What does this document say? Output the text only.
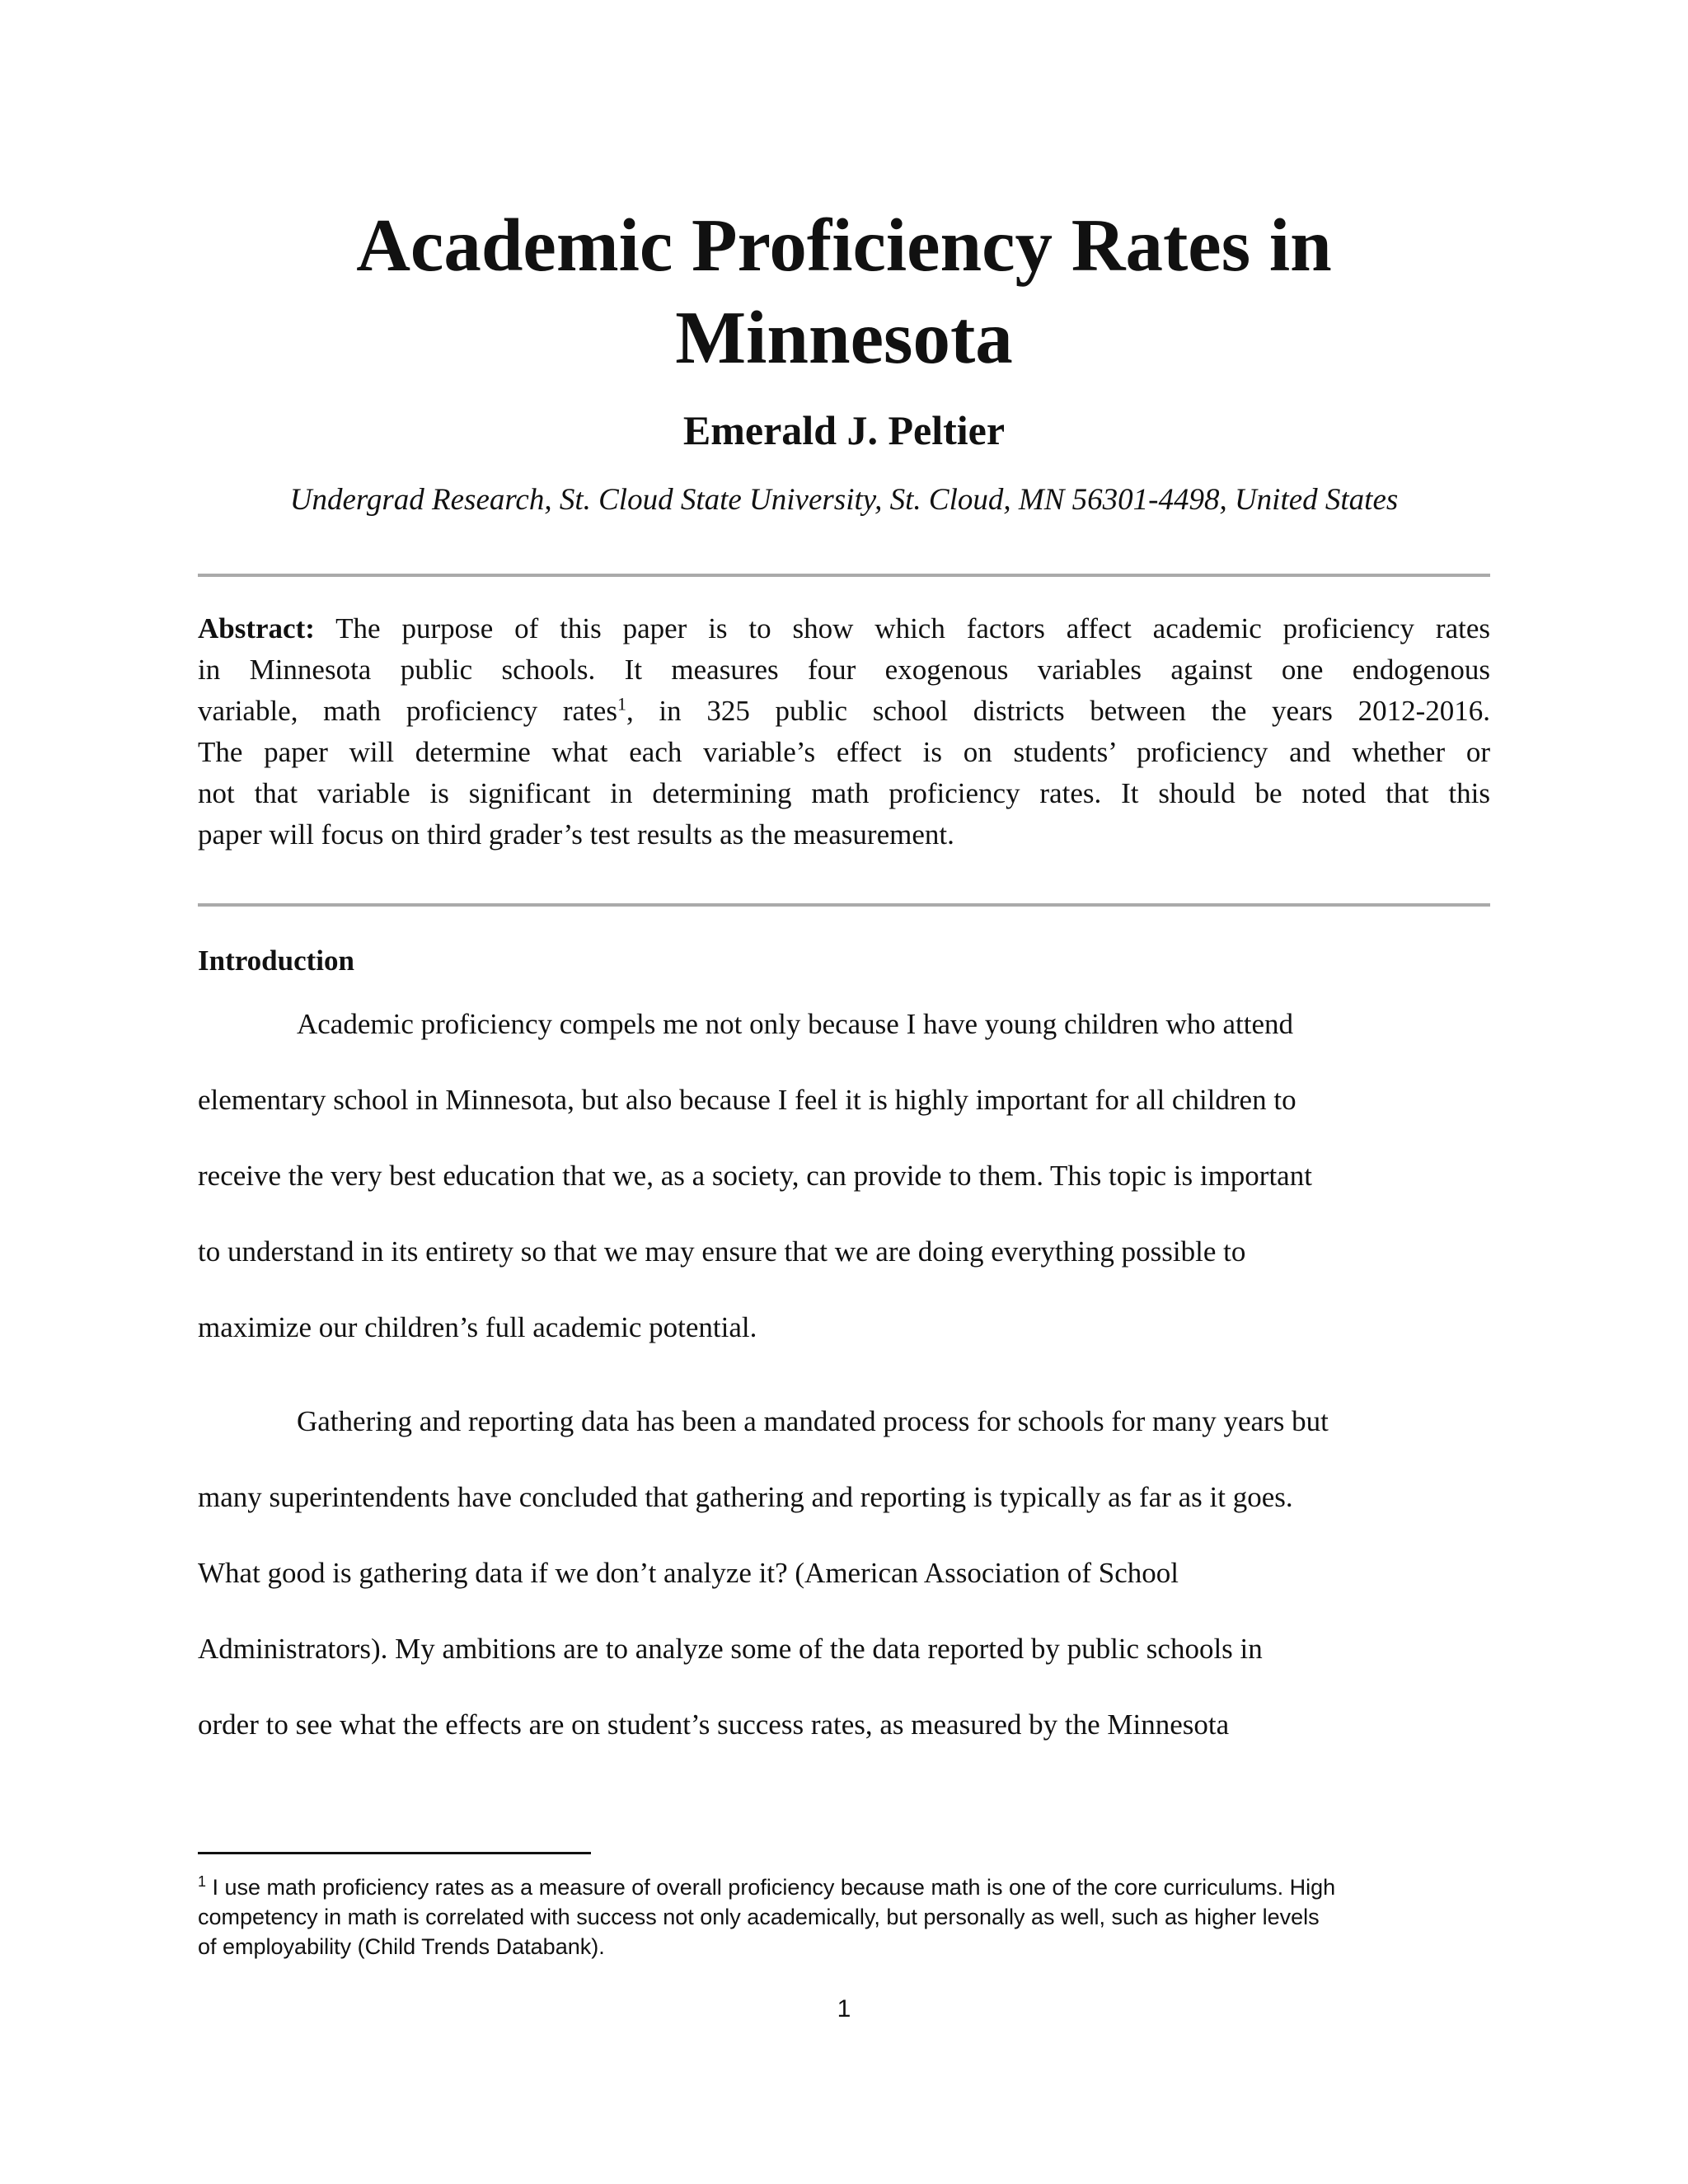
Academic Proficiency Rates in
Minnesota

Emerald J. Peltier

Undergrad Research, St. Cloud State University, St. Cloud, MN 56301-4498, United States

Abstract: The purpose of this paper is to show which factors affect academic proficiency rates
in Minnesota public schools. It measures four exogenous variables against one endogenous
variable, math proficiency rates$^1$, in 325 public school districts between the years 2012-2016.
The paper will determine what each variable’s effect is on students’ proficiency and whether or
not that variable is significant in determining math proficiency rates. It should be noted that this
paper will focus on third grader’s test results as the measurement.
Introduction
Academic proficiency compels me not only because I have young children who attend
elementary school in Minnesota, but also because I feel it is highly important for all children to
receive the very best education that we, as a society, can provide to them. This topic is important
to understand in its entirety so that we may ensure that we are doing everything possible to
maximize our children’s full academic potential.
Gathering and reporting data has been a mandated process for schools for many years but
many superintendents have concluded that gathering and reporting is typically as far as it goes.
What good is gathering data if we don’t analyze it? (American Association of School
Administrators). My ambitions are to analyze some of the data reported by public schools in
order to see what the effects are on student’s success rates, as measured by the Minnesota
$^1$ I use math proficiency rates as a measure of overall proficiency because math is one of the core curriculums. High
competency in math is correlated with success not only academically, but personally as well, such as higher levels
of employability (Child Trends Databank).
1
